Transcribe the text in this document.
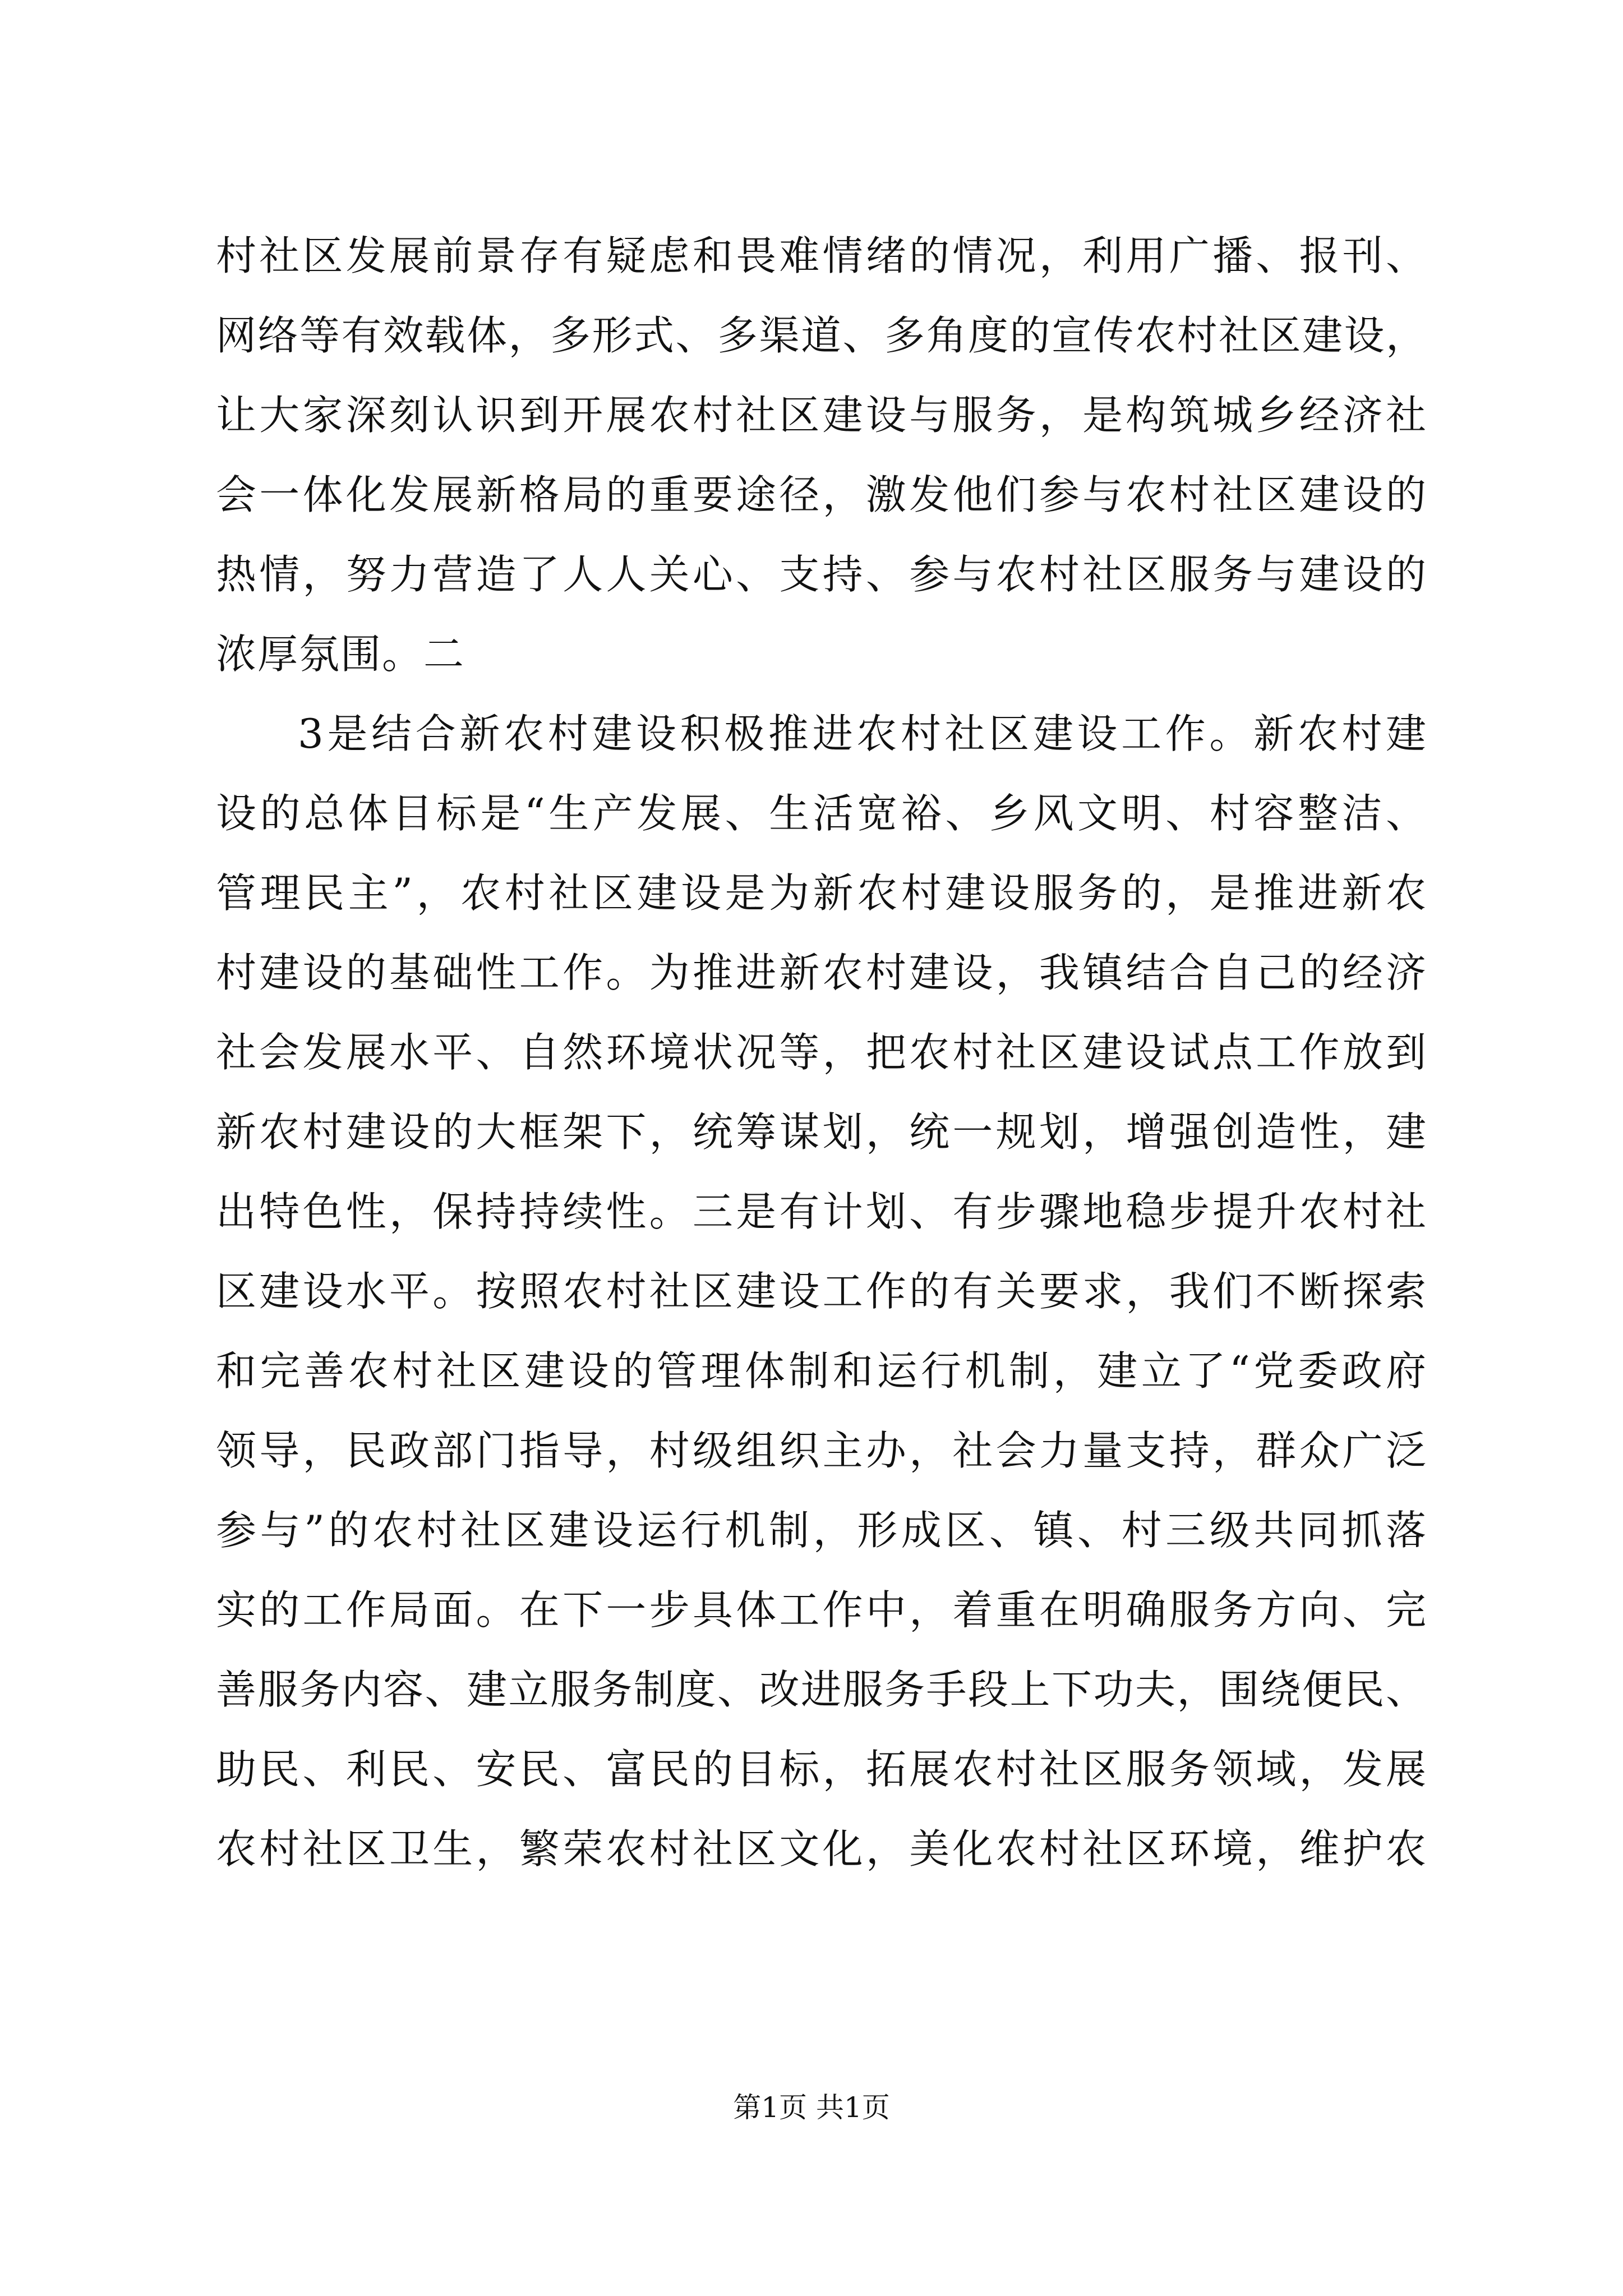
村社区发展前景存有疑虑和畏难情绪的情况，利用广播、报刊、
网络等有效载体，多形式、多渠道、多角度的宣传农村社区建设，
让大家深刻认识到开展农村社区建设与服务，是构筑城乡经济社
会一体化发展新格局的重要途径，激发他们参与农村社区建设的
热情，努力营造了人人关心、支持、参与农村社区服务与建设的
浓厚氛围。二
3是结合新农村建设积极推进农村社区建设工作。新农村建
设的总体目标是“生产发展、生活宽裕、乡风文明、村容整洁、
管理民主”，农村社区建设是为新农村建设服务的，是推进新农
村建设的基础性工作。为推进新农村建设，我镇结合自己的经济
社会发展水平、自然环境状况等，把农村社区建设试点工作放到
新农村建设的大框架下，统筹谋划，统一规划，增强创造性，建
出特色性，保持持续性。三是有计划、有步骤地稳步提升农村社
区建设水平。按照农村社区建设工作的有关要求，我们不断探索
和完善农村社区建设的管理体制和运行机制，建立了“党委政府
领导，民政部门指导，村级组织主办，社会力量支持，群众广泛
参与”的农村社区建设运行机制，形成区、镇、村三级共同抓落
实的工作局面。在下一步具体工作中，着重在明确服务方向、完
善服务内容、建立服务制度、改进服务手段上下功夫，围绕便民、
助民、利民、安民、富民的目标，拓展农村社区服务领域，发展
农村社区卫生，繁荣农村社区文化，美化农村社区环境，维护农
第1页 共1页
